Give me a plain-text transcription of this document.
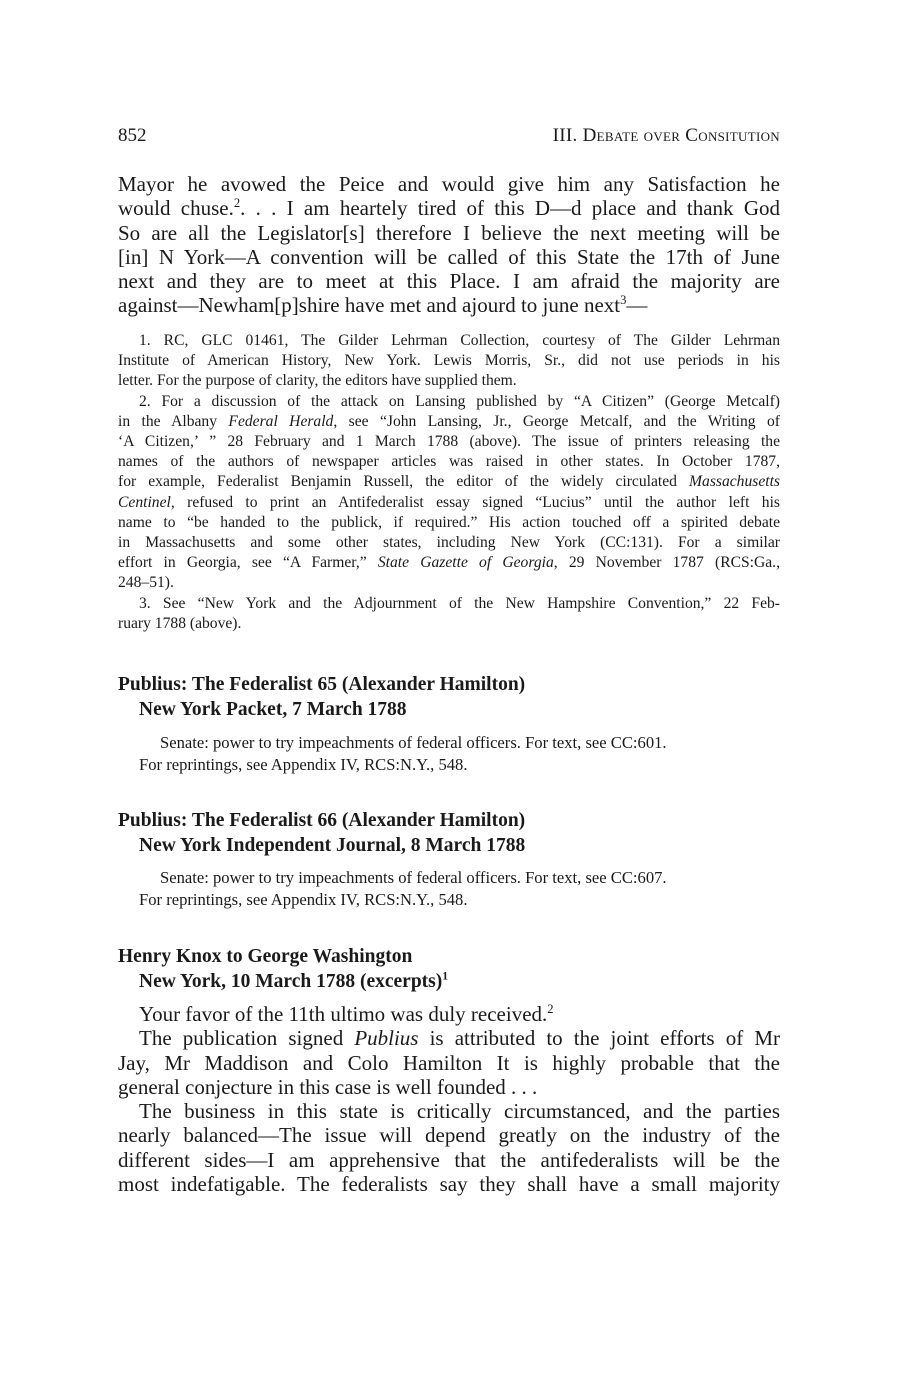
852	III. Debate over Consitution
Mayor he avowed the Peice and would give him any Satisfaction he
would chuse.$^2$. . . I am heartely tired of this D—d place and thank God
So are all the Legislator[s] therefore I believe the next meeting will be
[in] N York—A convention will be called of this State the 17th of June
next and they are to meet at this Place. I am afraid the majority are
against—Newham[p]shire have met and ajourd to june next$^3$—
1. RC, GLC 01461, The Gilder Lehrman Collection, courtesy of The Gilder Lehrman
Institute of American History, New York. Lewis Morris, Sr., did not use periods in his
letter. For the purpose of clarity, the editors have supplied them.
2. For a discussion of the attack on Lansing published by “A Citizen” (George Metcalf)
in the Albany Federal Herald, see “John Lansing, Jr., George Metcalf, and the Writing of
‘A Citizen,’ ” 28 February and 1 March 1788 (above). The issue of printers releasing the
names of the authors of newspaper articles was raised in other states. In October 1787,
for example, Federalist Benjamin Russell, the editor of the widely circulated Massachusetts
Centinel, refused to print an Antifederalist essay signed “Lucius” until the author left his
name to “be handed to the publick, if required.” His action touched off a spirited debate
in Massachusetts and some other states, including New York (CC:131). For a similar
effort in Georgia, see “A Farmer,” State Gazette of Georgia, 29 November 1787 (RCS:Ga.,
248–51).
3. See “New York and the Adjournment of the New Hampshire Convention,” 22 Feb-
ruary 1788 (above).
Publius: The Federalist 65 (Alexander Hamilton)
New York Packet, 7 March 1788
Senate: power to try impeachments of federal officers. For text, see CC:601.
For reprintings, see Appendix IV, RCS:N.Y., 548.
Publius: The Federalist 66 (Alexander Hamilton)
New York Independent Journal, 8 March 1788
Senate: power to try impeachments of federal officers. For text, see CC:607.
For reprintings, see Appendix IV, RCS:N.Y., 548.
Henry Knox to George Washington
New York, 10 March 1788 (excerpts)$^1$
Your favor of the 11th ultimo was duly received.$^2$
The publication signed Publius is attributed to the joint efforts of Mr
Jay, Mr Maddison and Colo Hamilton It is highly probable that the
general conjecture in this case is well founded . . .
The business in this state is critically circumstanced, and the parties
nearly balanced—The issue will depend greatly on the industry of the
different sides—I am apprehensive that the antifederalists will be the
most indefatigable. The federalists say they shall have a small majority
